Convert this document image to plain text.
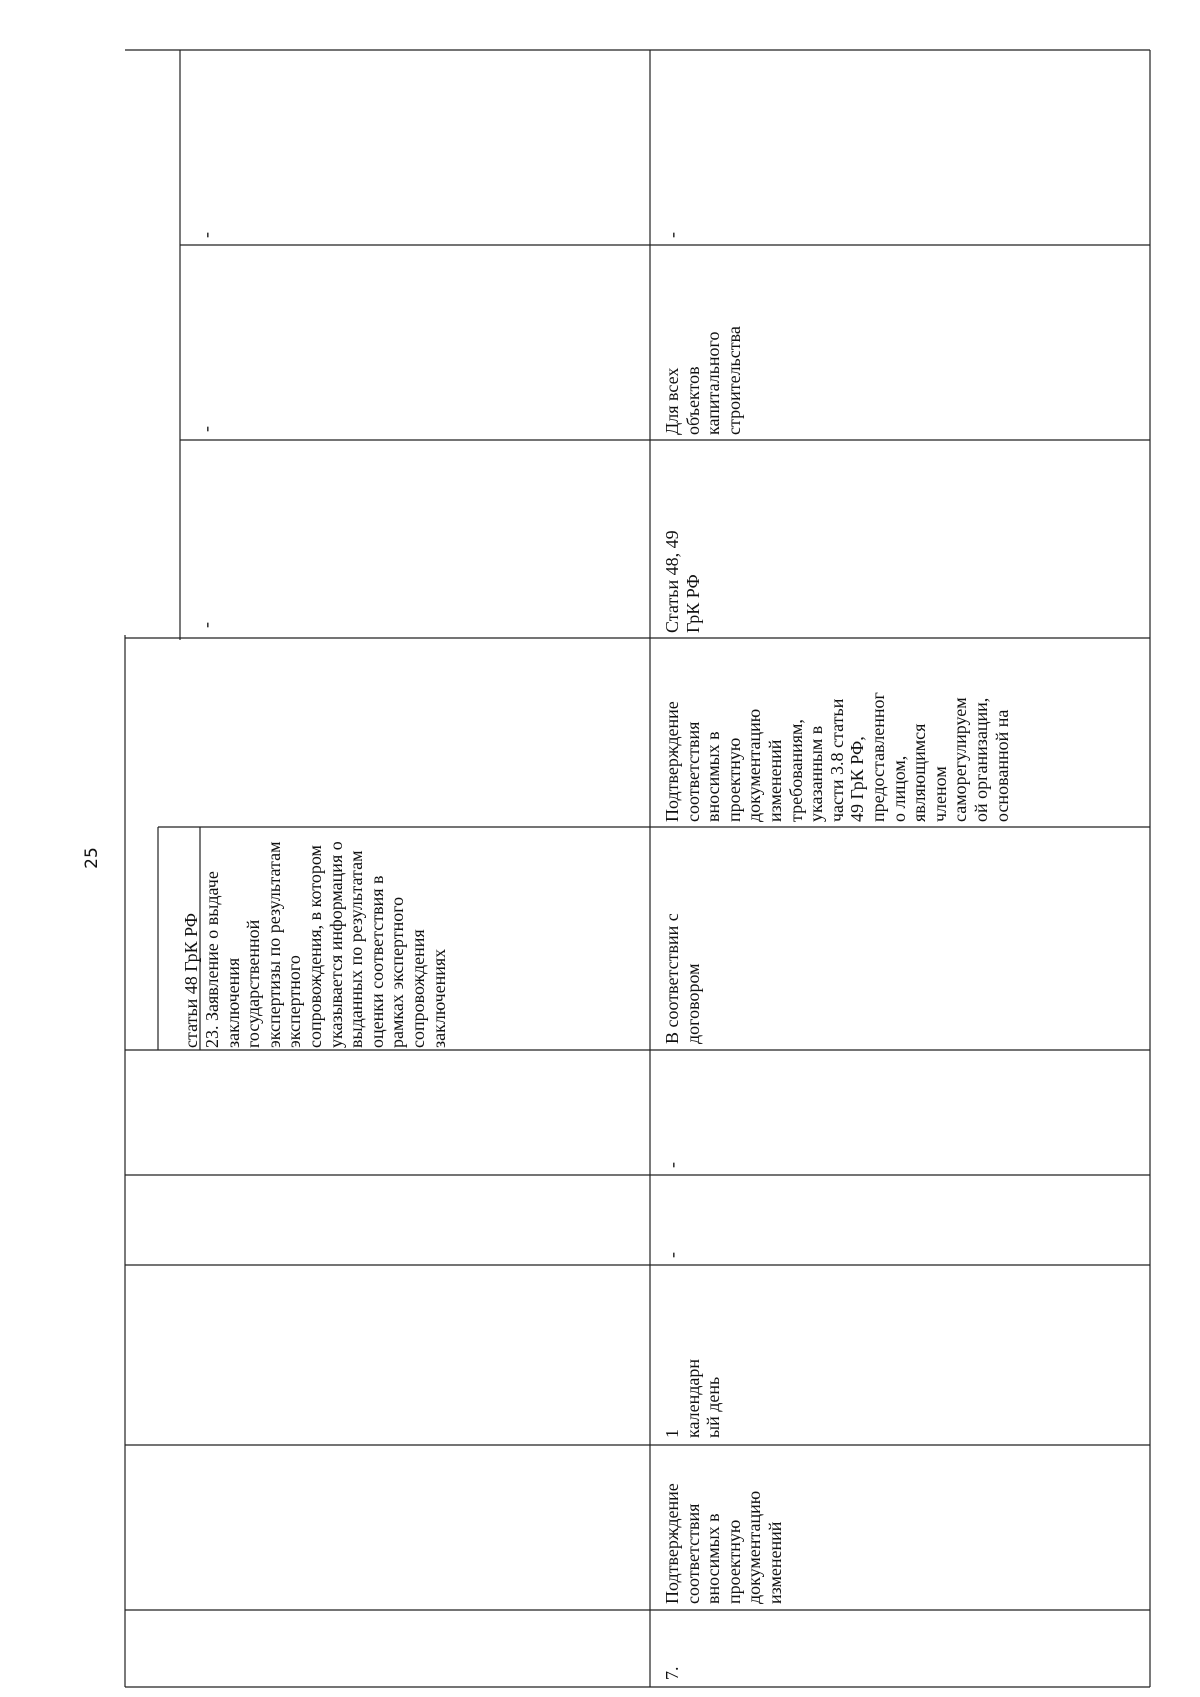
25

статьи 48 ГрК РФ 23. Заявление о выдаче заключения государственной экспертизы по результатам экспертного сопровождения, в котором указывается информация о выданных по результатам оценки соответствия в рамках экспертного сопровождения заключениях
-
-
-
7.
Подтверждение
соответствия
вносимых в
проектную
документацию
изменений
1
календарн
ый день
-
-
В соответствии с
договором
Подтверждение
соответствия
вносимых в
проектную
документацию
изменений
требованиям,
указанным в
части 3.8 статьи
49 ГрК РФ,
предоставленног
о лицом,
являющимся
членом
саморегулируем
ой организации,
основанной на
Статьи 48, 49
ГрК РФ
Для всех
объектов
капитального
строительства
-
